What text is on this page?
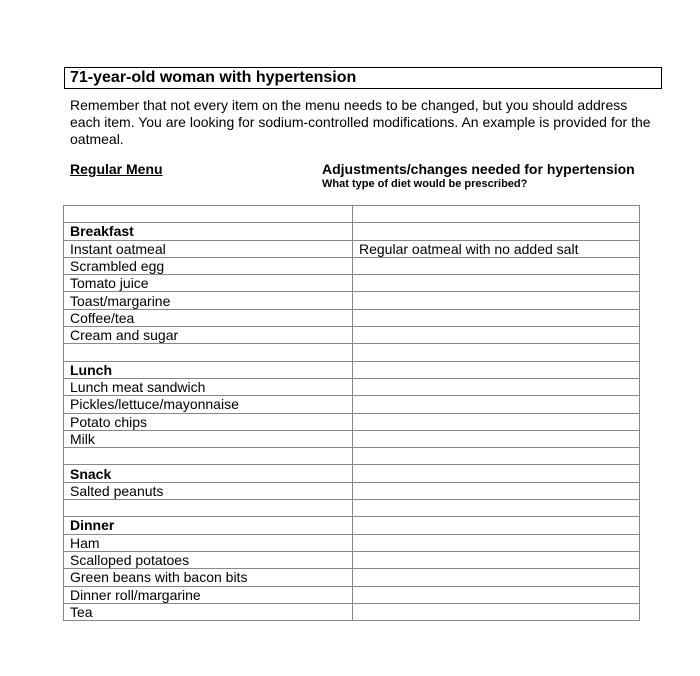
71-year-old woman with hypertension
Remember that not every item on the menu needs to be changed, but you should address each item. You are looking for sodium-controlled modifications. An example is provided for the oatmeal.
Regular Menu	Adjustments/changes needed for hypertension
What type of diet would be prescribed?

Breakfast	
Instant oatmeal	Regular oatmeal with no added salt
Scrambled egg	
Tomato juice	
Toast/margarine	
Coffee/tea	
Cream and sugar	

Lunch	
Lunch meat sandwich	
Pickles/lettuce/mayonnaise	
Potato chips	
Milk	

Snack	
Salted peanuts	

Dinner	
Ham	
Scalloped potatoes	
Green beans with bacon bits	
Dinner roll/margarine	
Tea	
